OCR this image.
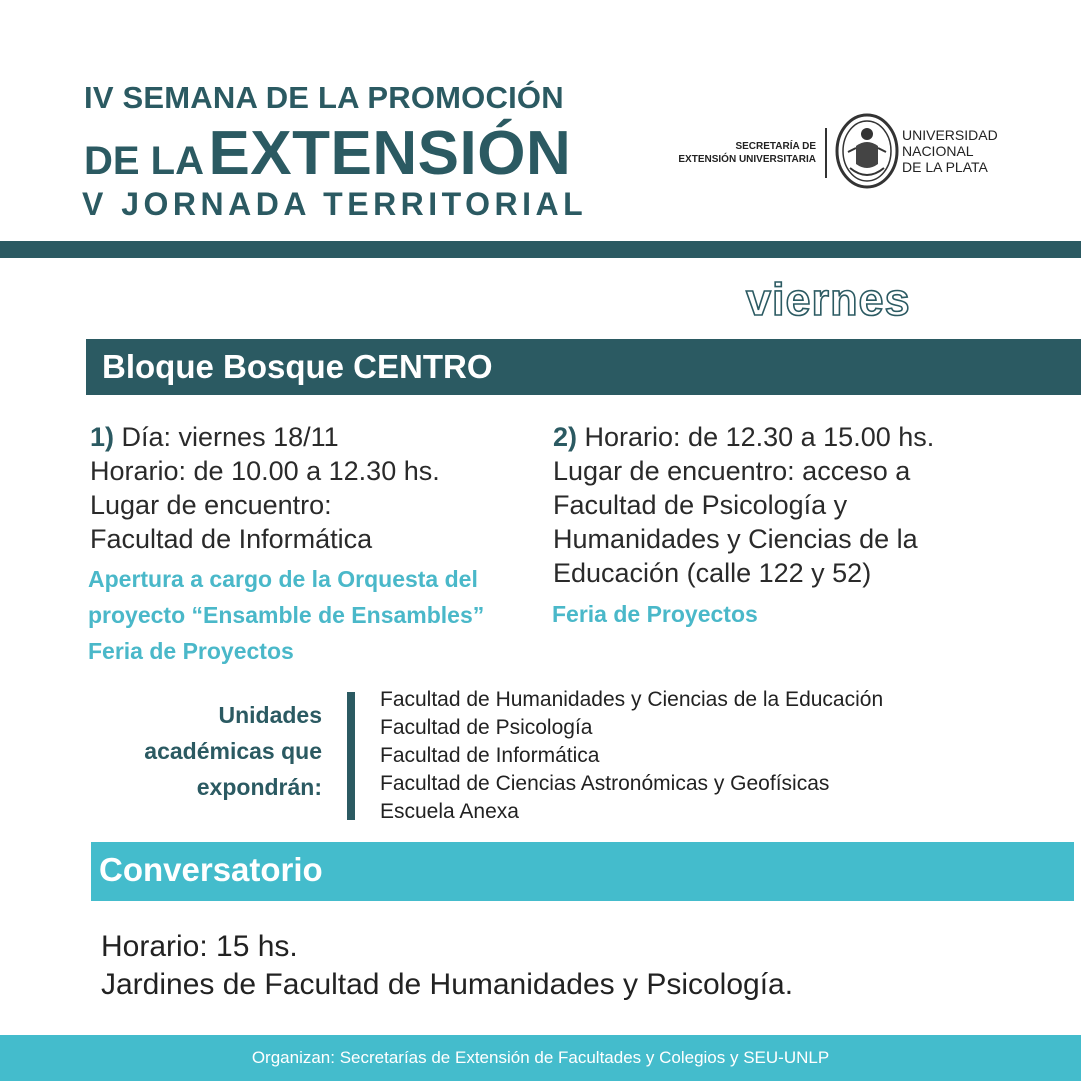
IV SEMANA DE LA PROMOCIÓN
DE LA EXTENSIÓN
V JORNADA TERRITORIAL
SECRETARÍA DE
EXTENSIÓN UNIVERSITARIA
UNIVERSIDAD
NACIONAL
DE LA PLATA
viernes
Bloque Bosque CENTRO
1) Día: viernes 18/11
Horario: de 10.00 a 12.30 hs.
Lugar de encuentro:
Facultad de Informática
Apertura a cargo de la Orquesta del
proyecto “Ensamble de Ensambles”
Feria de Proyectos
2) Horario: de 12.30 a 15.00 hs.
Lugar de encuentro: acceso a
Facultad de Psicología y
Humanidades y Ciencias de la
Educación (calle 122 y 52)
Feria de Proyectos
Unidades
académicas que
expondrán:
Facultad de Humanidades y Ciencias de la Educación
Facultad de Psicología
Facultad de Informática
Facultad de Ciencias Astronómicas y Geofísicas
Escuela Anexa
Conversatorio
Horario: 15 hs.
Jardines de Facultad de Humanidades y Psicología.
Organizan: Secretarías de Extensión de Facultades y Colegios y SEU-UNLP
